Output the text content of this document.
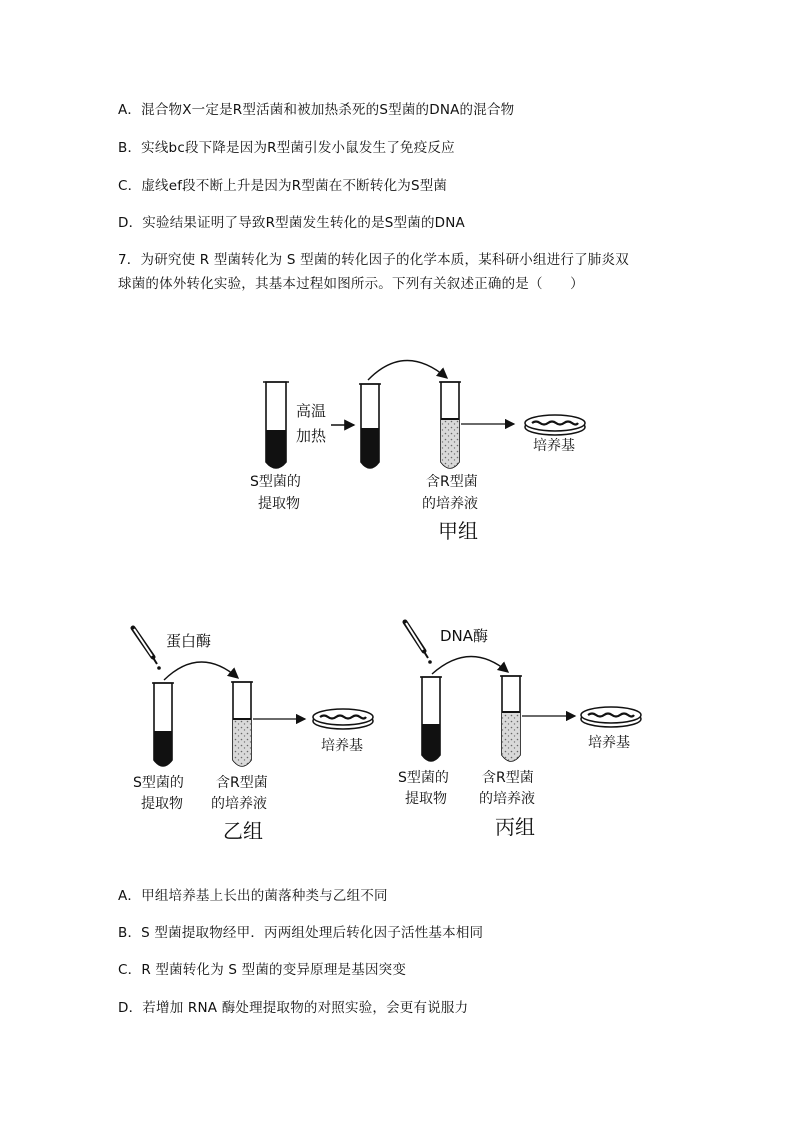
A．混合物X一定是R型活菌和被加热杀死的S型菌的DNA的混合物
B．实线bc段下降是因为R型菌引发小鼠发生了免疫反应
C．虚线ef段不断上升是因为R型菌在不断转化为S型菌
D．实验结果证明了导致R型菌发生转化的是S型菌的DNA
7．为研究使 R 型菌转化为 S 型菌的转化因子的化学本质，某科研小组进行了肺炎双
球菌的体外转化实验，其基本过程如图所示。下列有关叙述正确的是（　　）
S型菌的
提取物
高温
加热
含R型菌
的培养液
培养基
甲组
蛋白酶
S型菌的
提取物
含R型菌
的培养液
培养基
乙组
DNA酶
S型菌的
提取物
含R型菌
的培养液
培养基
丙组
A．甲组培养基上长出的菌落种类与乙组不同
B．S 型菌提取物经甲．丙两组处理后转化因子活性基本相同
C．R 型菌转化为 S 型菌的变异原理是基因突变
D．若增加 RNA 酶处理提取物的对照实验，会更有说服力
